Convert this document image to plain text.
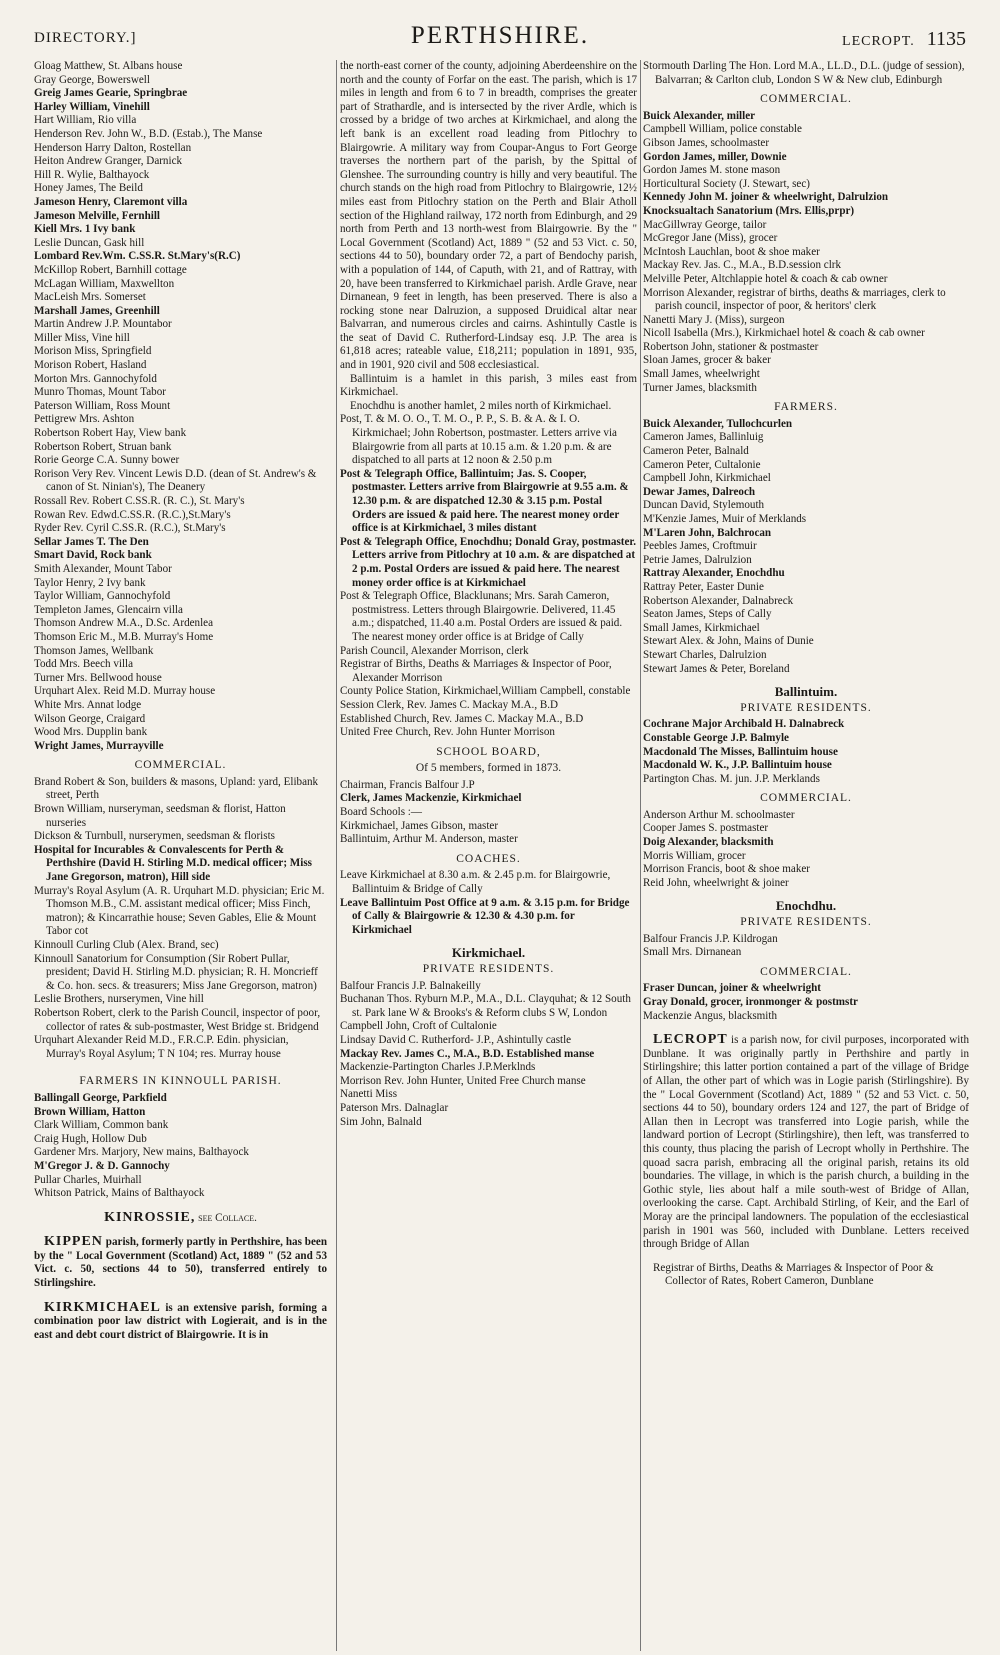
DIRECTORY.]	PERTHSHIRE.	LECROPT. 1135

Gloag Matthew, St. Albans house

Gray George, Bowerswell

Greig James Gearie, Springbrae

Harley William, Vinehill

Hart William, Rio villa

Henderson Rev. John W., B.D. (Estab.), The Manse

Henderson Harry Dalton, Rostellan

Heiton Andrew Granger, Darnick

Hill R. Wylie, Balthayock

Honey James, The Beild

Jameson Henry, Claremont villa

Jameson Melville, Fernhill

Kiell Mrs. 1 Ivy bank

Leslie Duncan, Gask hill

Lombard Rev.Wm. C.SS.R. St.Mary's(R.C)

McKillop Robert, Barnhill cottage

McLagan William, Maxwellton

MacLeish Mrs. Somerset

Marshall James, Greenhill

Martin Andrew J.P. Mountabor

Miller Miss, Vine hill

Morison Miss, Springfield

Morison Robert, Hasland

Morton Mrs. Gannochyfold

Munro Thomas, Mount Tabor

Paterson William, Ross Mount

Pettigrew Mrs. Ashton

Robertson Robert Hay, View bank

Robertson Robert, Struan bank

Rorie George C.A. Sunny bower

Rorison Very Rev. Vincent Lewis D.D. (dean of St. Andrew's & canon of St. Ninian's), The Deanery

Rossall Rev. Robert C.SS.R. (R. C.), St. Mary's

Rowan Rev. Edwd.C.SS.R. (R.C.),St.Mary's

Ryder Rev. Cyril C.SS.R. (R.C.), St.Mary's

Sellar James T. The Den

Smart David, Rock bank

Smith Alexander, Mount Tabor

Taylor Henry, 2 Ivy bank

Taylor William, Gannochyfold

Templeton James, Glencairn villa

Thomson Andrew M.A., D.Sc. Ardenlea

Thomson Eric M., M.B. Murray's Home

Thomson James, Wellbank

Todd Mrs. Beech villa

Turner Mrs. Bellwood house

Urquhart Alex. Reid M.D. Murray house

White Mrs. Annat lodge

Wilson George, Craigard

Wood Mrs. Dupplin bank

Wright James, Murrayville

COMMERCIAL.

Brand Robert & Son, builders & masons, Upland: yard, Elibank street, Perth

Brown William, nurseryman, seedsman & florist, Hatton nurseries

Dickson & Turnbull, nurserymen, seedsman & florists

Hospital for Incurables & Convalescents for Perth & Perthshire (David H. Stirling M.D. medical officer; Miss Jane Gregorson, matron), Hill side

Murray's Royal Asylum (A. R. Urquhart M.D. physician; Eric M. Thomson M.B., C.M. assistant medical officer; Miss Finch, matron); & Kincarrathie house; Seven Gables, Elie & Mount Tabor cot

Kinnoull Curling Club (Alex. Brand, sec)

Kinnoull Sanatorium for Consumption (Sir Robert Pullar, president; David H. Stirling M.D. physician; R. H. Moncrieff & Co. hon. secs. & treasurers; Miss Jane Gregorson, matron)

Leslie Brothers, nurserymen, Vine hill

Robertson Robert, clerk to the Parish Council, inspector of poor, collector of rates & sub-postmaster, West Bridge st. Bridgend

Urquhart Alexander Reid M.D., F.R.C.P. Edin. physician, Murray's Royal Asylum; T N 104; res. Murray house

FARMERS IN KINNOULL PARISH.

Ballingall George, Parkfield

Brown William, Hatton

Clark William, Common bank

Craig Hugh, Hollow Dub

Gardener Mrs. Marjory, New mains, Balthayock

M'Gregor J. & D. Gannochy

Pullar Charles, Muirhall

Whitson Patrick, Mains of Balthayock

KINROSSIE, see Collace.

KIPPEN parish, formerly partly in Perthshire, has been by the " Local Government (Scotland) Act, 1889 " (52 and 53 Vict. c. 50, sections 44 to 50), transferred entirely to Stirlingshire.

KIRKMICHAEL is an extensive parish, forming a combination poor law district with Logierait, and is in the east and debt court district of Blairgowrie. It is in

the north-east corner of the county, adjoining Aberdeenshire on the north and the county of Forfar on the east. The parish, which is 17 miles in length and from 6 to 7 in breadth, comprises the greater part of Strathardle, and is intersected by the river Ardle, which is crossed by a bridge of two arches at Kirkmichael, and along the left bank is an excellent road leading from Pitlochry to Blairgowrie. A military way from Coupar-Angus to Fort George traverses the northern part of the parish, by the Spittal of Glenshee. The surrounding country is hilly and very beautiful. The church stands on the high road from Pitlochry to Blairgowrie, 12½ miles east from Pitlochry station on the Perth and Blair Atholl section of the Highland railway, 172 north from Edinburgh, and 29 north from Perth and 13 north-west from Blairgowrie. By the " Local Government (Scotland) Act, 1889 " (52 and 53 Vict. c. 50, sections 44 to 50), boundary order 72, a part of Bendochy parish, with a population of 144, of Caputh, with 21, and of Rattray, with 20, have been transferred to Kirkmichael parish. Ardle Grave, near Dirnanean, 9 feet in length, has been preserved. There is also a rocking stone near Dalruzion, a supposed Druidical altar near Balvarran, and numerous circles and cairns. Ashintully Castle is the seat of David C. Rutherford-Lindsay esq. J.P. The area is 61,818 acres; rateable value, £18,211; population in 1891, 935, and in 1901, 920 civil and 508 ecclesiastical.

Ballintuim is a hamlet in this parish, 3 miles east from Kirkmichael.

Enochdhu is another hamlet, 2 miles north of Kirkmichael.

Post, T. & M. O. O., T. M. O., P. P., S. B. & A. & I. O. Kirkmichael; John Robertson, postmaster. Letters arrive via Blairgowrie from all parts at 10.15 a.m. & 1.20 p.m. & are dispatched to all parts at 12 noon & 2.50 p.m

Post & Telegraph Office, Ballintuim; Jas. S. Cooper, postmaster. Letters arrive from Blairgowrie at 9.55 a.m. & 12.30 p.m. & are dispatched 12.30 & 3.15 p.m. Postal Orders are issued & paid here. The nearest money order office is at Kirkmichael, 3 miles distant

Post & Telegraph Office, Enochdhu; Donald Gray, postmaster. Letters arrive from Pitlochry at 10 a.m. & are dispatched at 2 p.m. Postal Orders are issued & paid here. The nearest money order office is at Kirkmichael

Post & Telegraph Office, Blacklunans; Mrs. Sarah Cameron, postmistress. Letters through Blairgowrie. Delivered, 11.45 a.m.; dispatched, 11.40 a.m. Postal Orders are issued & paid. The nearest money order office is at Bridge of Cally

Parish Council, Alexander Morrison, clerk

Registrar of Births, Deaths & Marriages & Inspector of Poor, Alexander Morrison

County Police Station, Kirkmichael,William Campbell, constable

Session Clerk, Rev. James C. Mackay M.A., B.D

Established Church, Rev. James C. Mackay M.A., B.D

United Free Church, Rev. John Hunter Morrison

SCHOOL BOARD,
Of 5 members, formed in 1873.

Chairman, Francis Balfour J.P

Clerk, James Mackenzie, Kirkmichael

Board Schools :—

Kirkmichael, James Gibson, master

Ballintuim, Arthur M. Anderson, master

COACHES.

Leave Kirkmichael at 8.30 a.m. & 2.45 p.m. for Blairgowrie, Ballintuim & Bridge of Cally

Leave Ballintuim Post Office at 9 a.m. & 3.15 p.m. for Bridge of Cally & Blairgowrie & 12.30 & 4.30 p.m. for Kirkmichael

Kirkmichael.
PRIVATE RESIDENTS.

Balfour Francis J.P. Balnakeilly

Buchanan Thos. Ryburn M.P., M.A., D.L. Clayquhat; & 12 South st. Park lane W & Brooks's & Reform clubs S W, London

Campbell John, Croft of Cultalonie

Lindsay David C. Rutherford- J.P., Ashintully castle

Mackay Rev. James C., M.A., B.D. Established manse

Mackenzie-Partington Charles J.P.Merklnds

Morrison Rev. John Hunter, United Free Church manse

Nanetti Miss

Paterson Mrs. Dalnaglar

Sim John, Balnald

Stormouth Darling The Hon. Lord M.A., LL.D., D.L. (judge of session), Balvarran; & Carlton club, London S W & New club, Edinburgh

COMMERCIAL.

Buick Alexander, miller

Campbell William, police constable

Gibson James, schoolmaster

Gordon James, miller, Downie

Gordon James M. stone mason

Horticultural Society (J. Stewart, sec)

Kennedy John M. joiner & wheelwright, Dalrulzion

Knocksualtach Sanatorium (Mrs. Ellis,prpr)

MacGillwray George, tailor

McGregor Jane (Miss), grocer

McIntosh Lauchlan, boot & shoe maker

Mackay Rev. Jas. C., M.A., B.D.session clrk

Melville Peter, Altchlappie hotel & coach & cab owner

Morrison Alexander, registrar of births, deaths & marriages, clerk to parish council, inspector of poor, & heritors' clerk

Nanetti Mary J. (Miss), surgeon

Nicoll Isabella (Mrs.), Kirkmichael hotel & coach & cab owner

Robertson John, stationer & postmaster

Sloan James, grocer & baker

Small James, wheelwright

Turner James, blacksmith

FARMERS.

Buick Alexander, Tullochcurlen

Cameron James, Ballinluig

Cameron Peter, Balnald

Cameron Peter, Cultalonie

Campbell John, Kirkmichael

Dewar James, Dalreoch

Duncan David, Stylemouth

M'Kenzie James, Muir of Merklands

M'Laren John, Balchrocan

Peebles James, Croftmuir

Petrie James, Dalrulzion

Rattray Alexander, Enochdhu

Rattray Peter, Easter Dunie

Robertson Alexander, Dalnabreck

Seaton James, Steps of Cally

Small James, Kirkmichael

Stewart Alex. & John, Mains of Dunie

Stewart Charles, Dalrulzion

Stewart James & Peter, Boreland

Ballintuim.
PRIVATE RESIDENTS.

Cochrane Major Archibald H. Dalnabreck

Constable George J.P. Balmyle

Macdonald The Misses, Ballintuim house

Macdonald W. K., J.P. Ballintuim house

Partington Chas. M. jun. J.P. Merklands

COMMERCIAL.

Anderson Arthur M. schoolmaster

Cooper James S. postmaster

Doig Alexander, blacksmith

Morris William, grocer

Morrison Francis, boot & shoe maker

Reid John, wheelwright & joiner

Enochdhu.
PRIVATE RESIDENTS.

Balfour Francis J.P. Kildrogan

Small Mrs. Dirnanean

COMMERCIAL.

Fraser Duncan, joiner & wheelwright

Gray Donald, grocer, ironmonger & postmstr

Mackenzie Angus, blacksmith

LECROPT is a parish now, for civil purposes, incorporated with Dunblane. It was originally partly in Perthshire and partly in Stirlingshire; this latter portion contained a part of the village of Bridge of Allan, the other part of which was in Logie parish (Stirlingshire). By the " Local Government (Scotland) Act, 1889 " (52 and 53 Vict. c. 50, sections 44 to 50), boundary orders 124 and 127, the part of Bridge of Allan then in Lecropt was transferred into Logie parish, while the landward portion of Lecropt (Stirlingshire), then left, was transferred to this county, thus placing the parish of Lecropt wholly in Perthshire. The quoad sacra parish, embracing all the original parish, retains its old boundaries. The village, in which is the parish church, a building in the Gothic style, lies about half a mile south-west of Bridge of Allan, overlooking the carse. Capt. Archibald Stirling, of Keir, and the Earl of Moray are the principal landowners. The population of the ecclesiastical parish in 1901 was 560, included with Dunblane. Letters received through Bridge of Allan

Registrar of Births, Deaths & Marriages & Inspector of Poor & Collector of Rates, Robert Cameron, Dunblane
